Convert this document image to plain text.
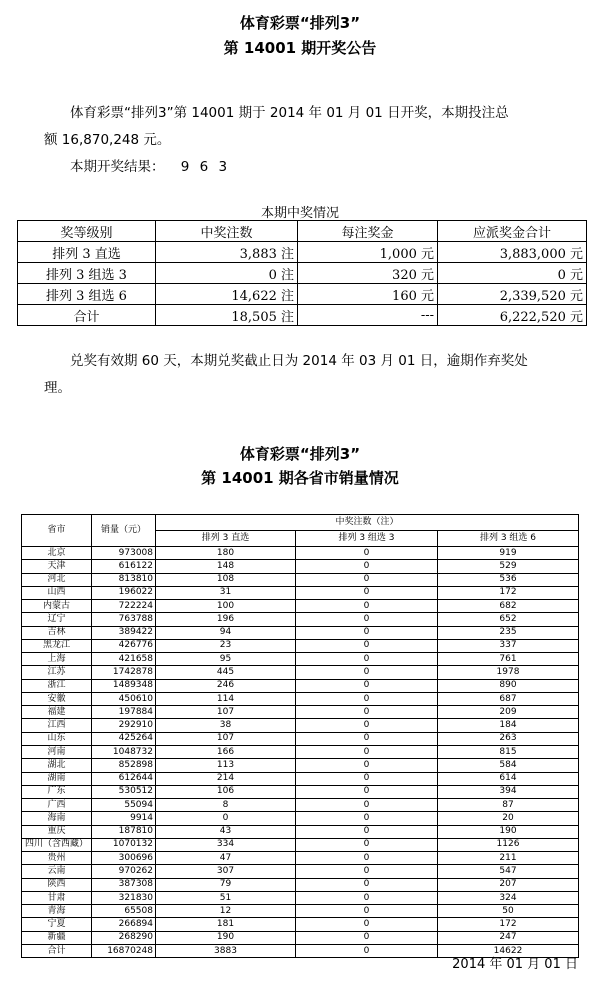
体育彩票“排列3”
第 14001 期开奖公告
体育彩票“排列3”第 14001 期于 2014 年 01 月 01 日开奖，本期投注总
额 16,870,248 元。
本期开奖结果： 9 6 3
本期中奖情况
奖等级别	中奖注数	每注奖金	应派奖金合计
排列 3 直选	3,883 注	1,000 元	3,883,000 元
排列 3 组选 3	0 注	320 元	0 元
排列 3 组选 6	14,622 注	160 元	2,339,520 元
合计	18,505 注	---	6,222,520 元
兑奖有效期 60 天，本期兑奖截止日为 2014 年 03 月 01 日，逾期作弃奖处
理。
体育彩票“排列3”
第 14001 期各省市销量情况
省市	销量（元）	中奖注数（注）		
		排列 3 直选	排列 3 组选 3	排列 3 组选 6
北京	973008	180	0	919
天津	616122	148	0	529
河北	813810	108	0	536
山西	196022	31	0	172
内蒙古	722224	100	0	682
辽宁	763788	196	0	652
吉林	389422	94	0	235
黑龙江	426776	23	0	337
上海	421658	95	0	761
江苏	1742878	445	0	1978
浙江	1489348	246	0	890
安徽	450610	114	0	687
福建	197884	107	0	209
江西	292910	38	0	184
山东	425264	107	0	263
河南	1048732	166	0	815
湖北	852898	113	0	584
湖南	612644	214	0	614
广东	530512	106	0	394
广西	55094	8	0	87
海南	9914	0	0	20
重庆	187810	43	0	190
四川（含西藏）	1070132	334	0	1126
贵州	300696	47	0	211
云南	970262	307	0	547
陕西	387308	79	0	207
甘肃	321830	51	0	324
青海	65508	12	0	50
宁夏	266894	181	0	172
新疆	268290	190	0	247
合计	16870248	3883	0	14622
2014 年 01 月 01 日
